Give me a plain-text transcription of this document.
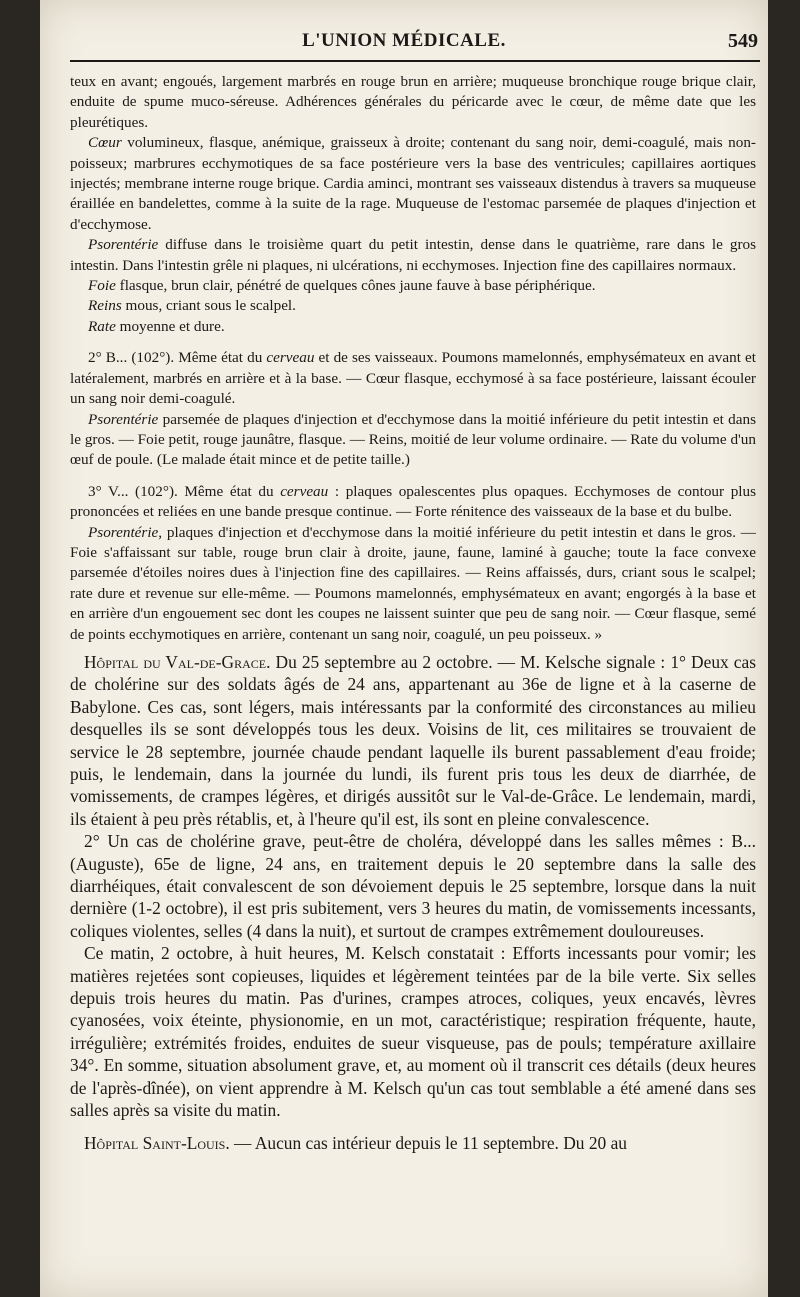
L'UNION MÉDICALE.	549

teux en avant; engoués, largement marbrés en rouge brun en arrière; muqueuse bronchique rouge brique clair, enduite de spume muco-séreuse. Adhérences générales du péricarde avec le cœur, de même date que les pleurétiques.

Cœur volumineux, flasque, anémique, graisseux à droite; contenant du sang noir, demi-coagulé, mais non-poisseux; marbrures ecchymotiques de sa face postérieure vers la base des ventricules; capillaires aortiques injectés; membrane interne rouge brique. Cardia aminci, montrant ses vaisseaux distendus à travers sa muqueuse éraillée en bandelettes, comme à la suite de la rage. Muqueuse de l'estomac parsemée de plaques d'injection et d'ecchymose.

Psorentérie diffuse dans le troisième quart du petit intestin, dense dans le quatrième, rare dans le gros intestin. Dans l'intestin grêle ni plaques, ni ulcérations, ni ecchymoses. Injection fine des capillaires normaux.

Foie flasque, brun clair, pénétré de quelques cônes jaune fauve à base périphérique.

Reins mous, criant sous le scalpel.

Rate moyenne et dure.

2° B... (102°). Même état du cerveau et de ses vaisseaux. Poumons mamelonnés, emphysémateux en avant et latéralement, marbrés en arrière et à la base. — Cœur flasque, ecchymosé à sa face postérieure, laissant écouler un sang noir demi-coagulé.

Psorentérie parsemée de plaques d'injection et d'ecchymose dans la moitié inférieure du petit intestin et dans le gros. — Foie petit, rouge jaunâtre, flasque. — Reins, moitié de leur volume ordinaire. — Rate du volume d'un œuf de poule. (Le malade était mince et de petite taille.)

3° V... (102°). Même état du cerveau : plaques opalescentes plus opaques. Ecchymoses de contour plus prononcées et reliées en une bande presque continue. — Forte rénitence des vaisseaux de la base et du bulbe.

Psorentérie, plaques d'injection et d'ecchymose dans la moitié inférieure du petit intestin et dans le gros. — Foie s'affaissant sur table, rouge brun clair à droite, jaune, faune, laminé à gauche; toute la face convexe parsemée d'étoiles noires dues à l'injection fine des capillaires. — Reins affaissés, durs, criant sous le scalpel; rate dure et revenue sur elle-même. — Poumons mamelonnés, emphysémateux en avant; engorgés à la base et en arrière d'un engouement sec dont les coupes ne laissent suinter que peu de sang noir. — Cœur flasque, semé de points ecchymotiques en arrière, contenant un sang noir, coagulé, un peu poisseux. »

Hôpital du Val-de-Grace. Du 25 septembre au 2 octobre. — M. Kelsche signale : 1° Deux cas de cholérine sur des soldats âgés de 24 ans, appartenant au 36e de ligne et à la caserne de Babylone. Ces cas, sont légers, mais intéressants par la conformité des circonstances au milieu desquelles ils se sont développés tous les deux. Voisins de lit, ces militaires se trouvaient de service le 28 septembre, journée chaude pendant laquelle ils burent passablement d'eau froide; puis, le lendemain, dans la journée du lundi, ils furent pris tous les deux de diarrhée, de vomissements, de crampes légères, et dirigés aussitôt sur le Val-de-Grâce. Le lendemain, mardi, ils étaient à peu près rétablis, et, à l'heure qu'il est, ils sont en pleine convalescence.

2° Un cas de cholérine grave, peut-être de choléra, développé dans les salles mêmes : B... (Auguste), 65e de ligne, 24 ans, en traitement depuis le 20 septembre dans la salle des diarrhéiques, était convalescent de son dévoiement depuis le 25 septembre, lorsque dans la nuit dernière (1-2 octobre), il est pris subitement, vers 3 heures du matin, de vomissements incessants, coliques violentes, selles (4 dans la nuit), et surtout de crampes extrêmement douloureuses.

Ce matin, 2 octobre, à huit heures, M. Kelsch constatait : Efforts incessants pour vomir; les matières rejetées sont copieuses, liquides et légèrement teintées par de la bile verte. Six selles depuis trois heures du matin. Pas d'urines, crampes atroces, coliques, yeux encavés, lèvres cyanosées, voix éteinte, physionomie, en un mot, caractéristique; respiration fréquente, haute, irrégulière; extrémités froides, enduites de sueur visqueuse, pas de pouls; température axillaire 34°. En somme, situation absolument grave, et, au moment où il transcrit ces détails (deux heures de l'après-dînée), on vient apprendre à M. Kelsch qu'un cas tout semblable a été amené dans ses salles après sa visite du matin.

Hôpital Saint-Louis. — Aucun cas intérieur depuis le 11 septembre. Du 20 au
